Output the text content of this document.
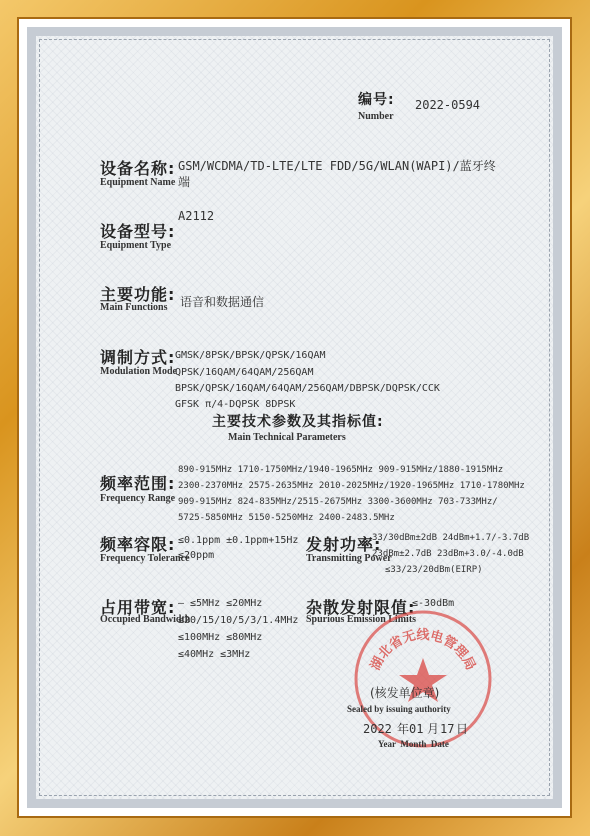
编号:
Number
2022-0594
设备名称:
Equipment Name
GSM/WCDMA/TD-LTE/LTE FDD/5G/WLAN(WAPI)/蓝牙终
端
设备型号:
Equipment Type
A2112
主要功能:
Main Functions 语音和数据通信
调制方式:
Modulation Mode
GMSK/8PSK/BPSK/QPSK/16QAM
QPSK/16QAM/64QAM/256QAM
BPSK/QPSK/16QAM/64QAM/256QAM/DBPSK/DQPSK/CCK
GFSK π/4-DQPSK 8DPSK
主要技术参数及其指标值:
Main Technical Parameters
频率范围:
Frequency Range
890-915MHz 1710-1750MHz/1940-1965MHz 909-915MHz/1880-1915MHz
2300-2370MHz 2575-2635MHz 2010-2025MHz/1920-1965MHz 1710-1780MHz
909-915MHz 824-835MHz/2515-2675MHz 3300-3600MHz 703-733MHz/
5725-5850MHz 5150-5250MHz 2400-2483.5MHz
频率容限:
Frequency Tolerance
≤0.1ppm ±0.1ppm+15Hz
≤20ppm
发射功率:
Transmitting Power
33/30dBm±2dB 24dBm+1.7/-3.7dB
23dBm±2.7dB 23dBm+3.0/-4.0dB
≤33/23/20dBm(EIRP)
占用带宽:
Occupied Bandwidth
— ≤5MHz ≤20MHz
≤20/15/10/5/3/1.4MHz
≤100MHz ≤80MHz
≤40MHz ≤3MHz
杂散发射限值:
Spurious Emission Limits
≤-30dBm
湖北省无线电管理局
(核发单位章)
Sealed by issuing authority
2022 年 01 月 17 日
Year  Month  Date
